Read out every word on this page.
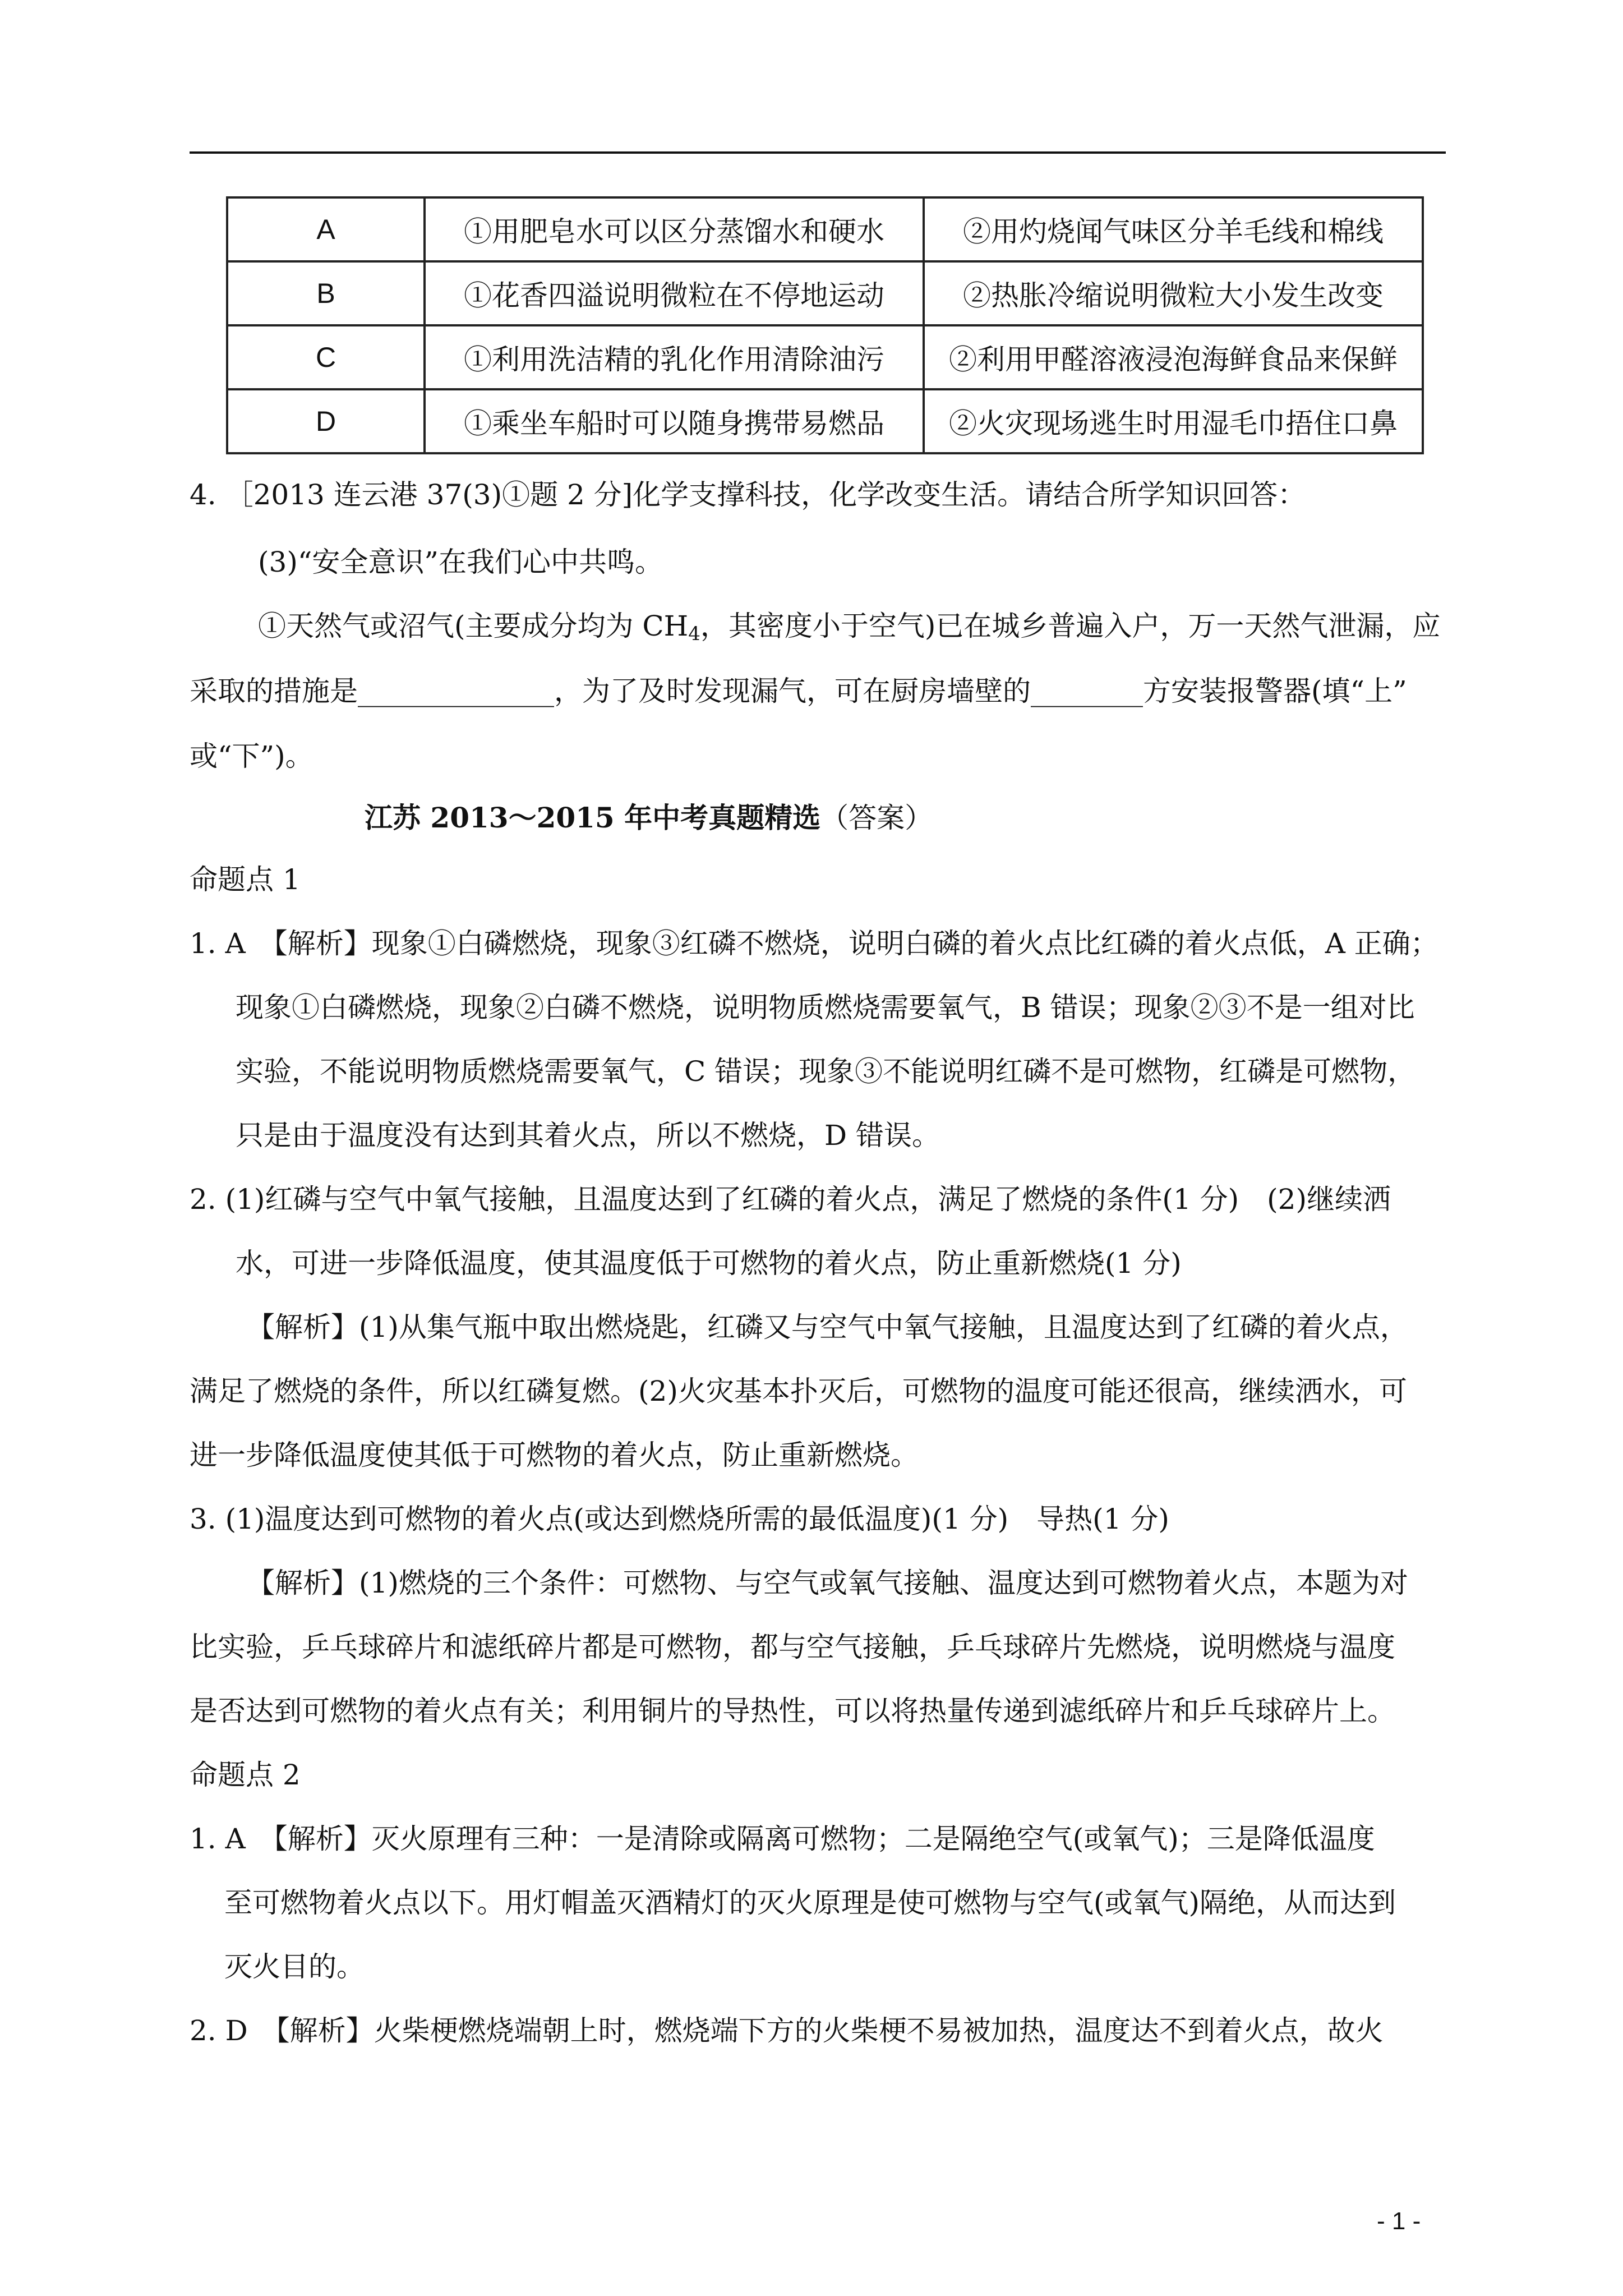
A	①用肥皂水可以区分蒸馏水和硬水	②用灼烧闻气味区分羊毛线和棉线
B	①花香四溢说明微粒在不停地运动	②热胀冷缩说明微粒大小发生改变
C	①利用洗洁精的乳化作用清除油污	②利用甲醛溶液浸泡海鲜食品来保鲜
D	①乘坐车船时可以随身携带易燃品	②火灾现场逃生时用湿毛巾捂住口鼻
4. ［2013 连云港 37(3)①题 2 分]化学支撑科技，化学改变生活。请结合所学知识回答：
(3)“安全意识”在我们心中共鸣。
①天然气或沼气(主要成分均为 $CH_4$，其密度小于空气)已在城乡普遍入户，万一天然气泄漏，应
采取的措施是______________，为了及时发现漏气，可在厨房墙壁的________方安装报警器(填“上”
或“下”)。
江苏 2013～2015 年中考真题精选（答案）
命题点 1
1. A　【解析】现象①白磷燃烧，现象③红磷不燃烧，说明白磷的着火点比红磷的着火点低，A 正确；
现象①白磷燃烧，现象②白磷不燃烧，说明物质燃烧需要氧气，B 错误；现象②③不是一组对比
实验，不能说明物质燃烧需要氧气，C 错误；现象③不能说明红磷不是可燃物，红磷是可燃物，
只是由于温度没有达到其着火点，所以不燃烧，D 错误。
2. (1)红磷与空气中氧气接触，且温度达到了红磷的着火点，满足了燃烧的条件(1 分)　(2)继续洒
水，可进一步降低温度，使其温度低于可燃物的着火点，防止重新燃烧(1 分)
【解析】(1)从集气瓶中取出燃烧匙，红磷又与空气中氧气接触，且温度达到了红磷的着火点，
满足了燃烧的条件，所以红磷复燃。(2)火灾基本扑灭后，可燃物的温度可能还很高，继续洒水，可
进一步降低温度使其低于可燃物的着火点，防止重新燃烧。
3. (1)温度达到可燃物的着火点(或达到燃烧所需的最低温度)(1 分)　导热(1 分)
【解析】(1)燃烧的三个条件：可燃物、与空气或氧气接触、温度达到可燃物着火点，本题为对
比实验，乒乓球碎片和滤纸碎片都是可燃物，都与空气接触，乒乓球碎片先燃烧，说明燃烧与温度
是否达到可燃物的着火点有关；利用铜片的导热性，可以将热量传递到滤纸碎片和乒乓球碎片上。
命题点 2
1. A　【解析】灭火原理有三种：一是清除或隔离可燃物；二是隔绝空气(或氧气)；三是降低温度
至可燃物着火点以下。用灯帽盖灭酒精灯的灭火原理是使可燃物与空气(或氧气)隔绝，从而达到
灭火目的。
2. D　【解析】火柴梗燃烧端朝上时，燃烧端下方的火柴梗不易被加热，温度达不到着火点，故火
- 1 -
